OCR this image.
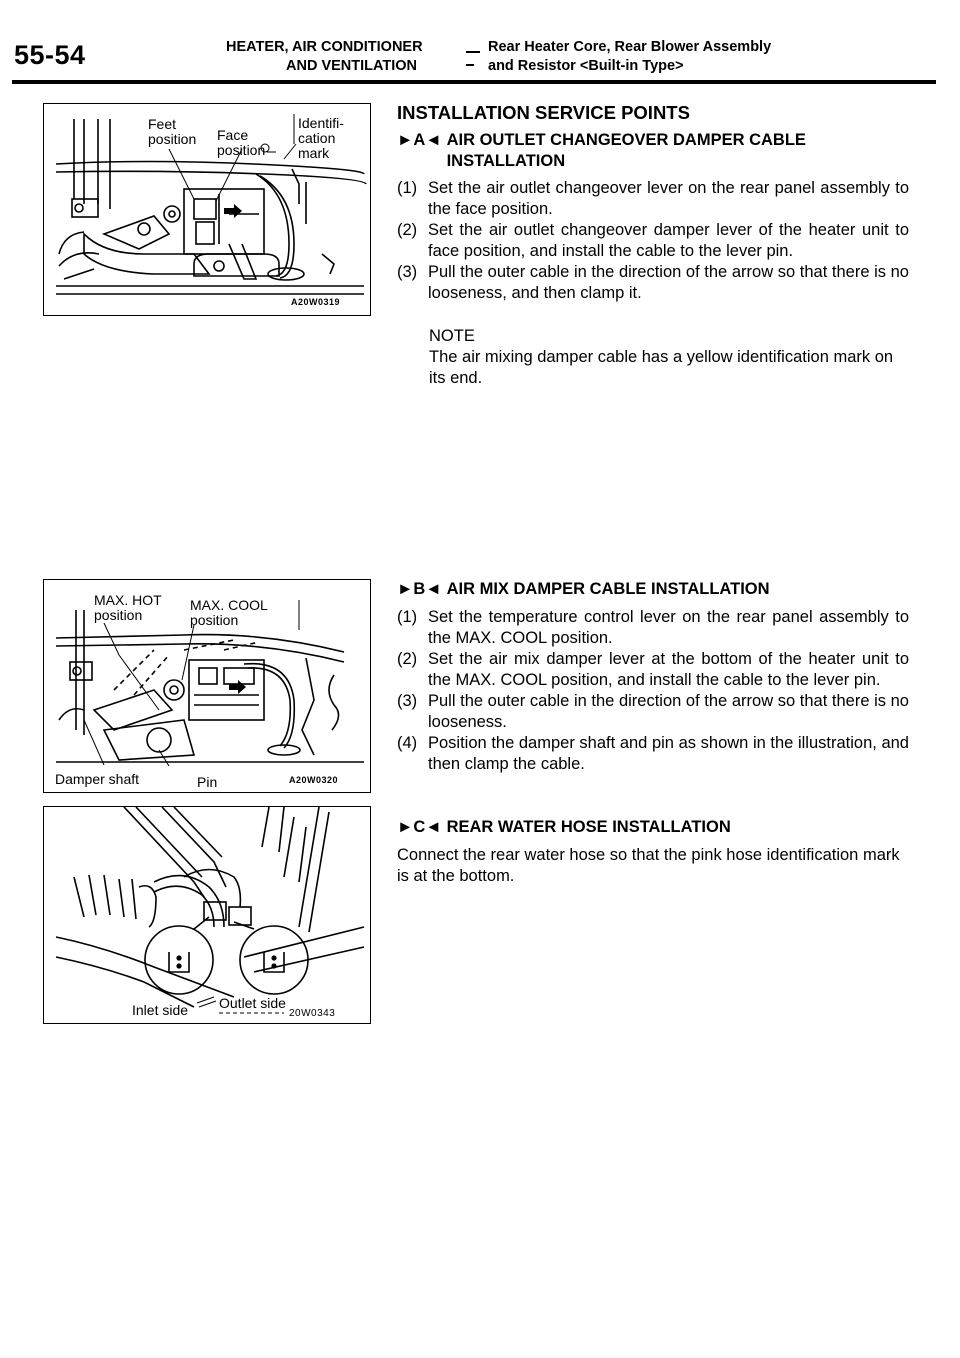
55-54	HEATER, AIR CONDITIONER
AND VENTILATION
Rear Heater Core, Rear Blower Assembly
and Resistor <Built-in Type>
Feet
position Face
position
Identifi-
cation
mark
A20W0319
MAX. HOT
position
MAX. COOL
position
Damper shaft	Pin	A20W0320
Inlet side Outlet side
20W0343
INSTALLATION SERVICE POINTS
►A◄ AIR OUTLET CHANGEOVER DAMPER CABLE INSTALLATION
(1) Set the air outlet changeover lever on the rear panel assembly to the face position.
(2) Set the air outlet changeover damper lever of the heater unit to face position, and install the cable to the lever pin.
(3) Pull the outer cable in the direction of the arrow so that there is no looseness, and then clamp it.

NOTE

The air mixing damper cable has a yellow identification mark on its end.

►B◄ AIR MIX DAMPER CABLE INSTALLATION
(1) Set the temperature control lever on the rear panel assembly to the MAX. COOL position.
(2) Set the air mix damper lever at the bottom of the heater unit to the MAX. COOL position, and install the cable to the lever pin.
(3) Pull the outer cable in the direction of the arrow so that there is no looseness.
(4) Position the damper shaft and pin as shown in the illustration, and then clamp the cable.
►C◄ REAR WATER HOSE INSTALLATION
Connect the rear water hose so that the pink hose identification mark is at the bottom.
